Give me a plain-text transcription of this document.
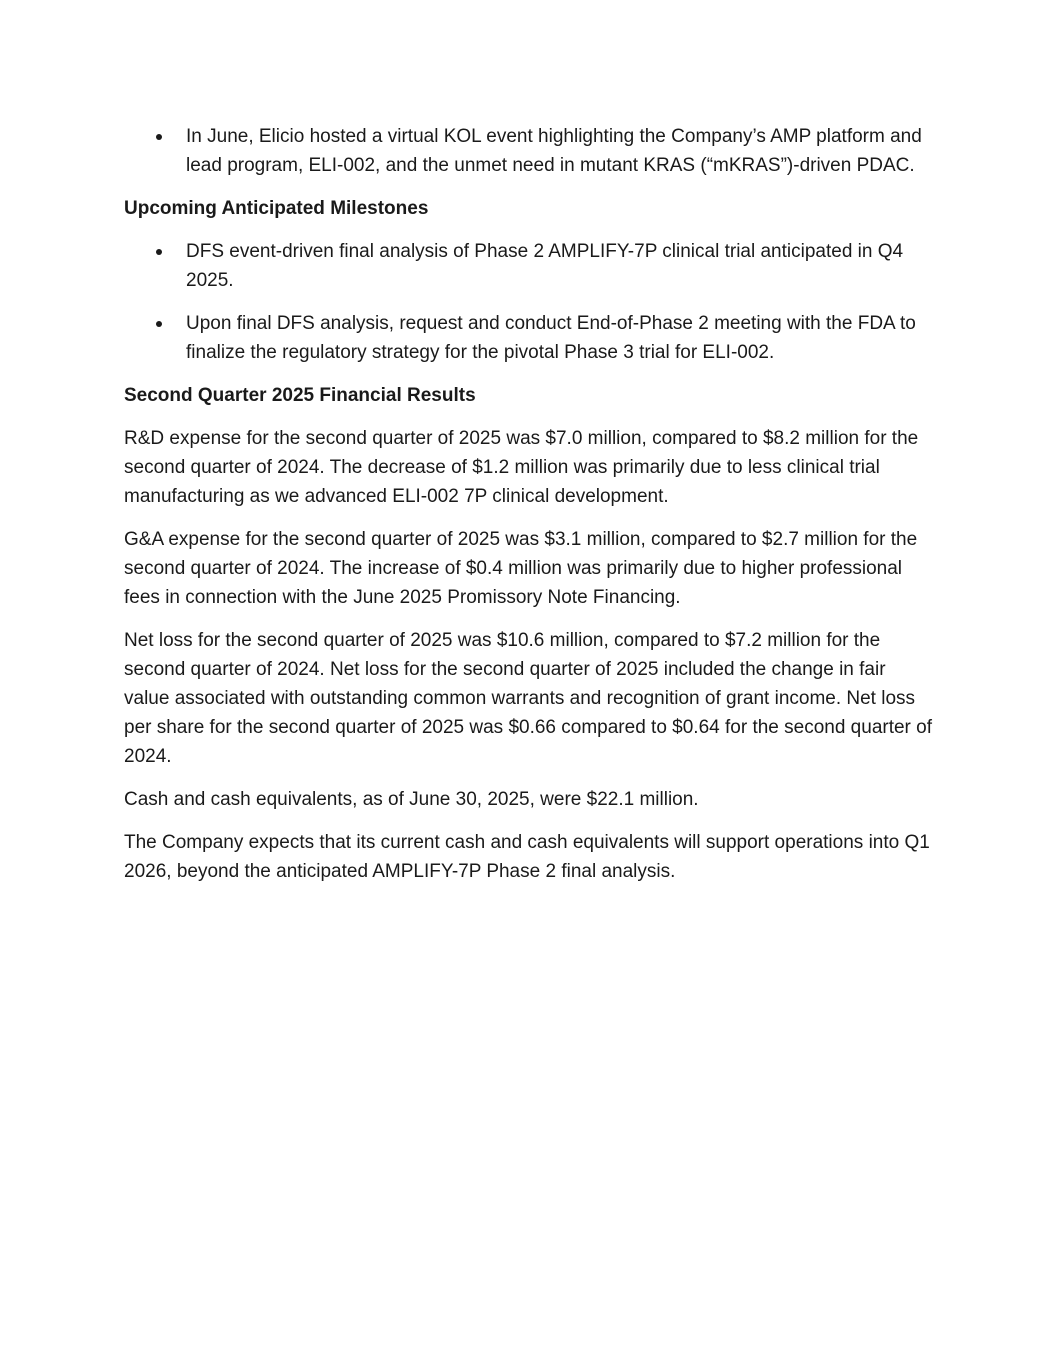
In June, Elicio hosted a virtual KOL event highlighting the Company’s AMP platform and lead program, ELI-002, and the unmet need in mutant KRAS (“mKRAS”)-driven PDAC.
Upcoming Anticipated Milestones
DFS event-driven final analysis of Phase 2 AMPLIFY-7P clinical trial anticipated in Q4 2025.
Upon final DFS analysis, request and conduct End-of-Phase 2 meeting with the FDA to finalize the regulatory strategy for the pivotal Phase 3 trial for ELI-002.
Second Quarter 2025 Financial Results

R&D expense for the second quarter of 2025 was $7.0 million, compared to $8.2 million for the second quarter of 2024. The decrease of $1.2 million was primarily due to less clinical trial manufacturing as we advanced ELI-002 7P clinical development.

G&A expense for the second quarter of 2025 was $3.1 million, compared to $2.7 million for the second quarter of 2024. The increase of $0.4 million was primarily due to higher professional fees in connection with the June 2025 Promissory Note Financing.

Net loss for the second quarter of 2025 was $10.6 million, compared to $7.2 million for the second quarter of 2024. Net loss for the second quarter of 2025 included the change in fair value associated with outstanding common warrants and recognition of grant income. Net loss per share for the second quarter of 2025 was $0.66 compared to $0.64 for the second quarter of 2024.

Cash and cash equivalents, as of June 30, 2025, were $22.1 million.

The Company expects that its current cash and cash equivalents will support operations into Q1 2026, beyond the anticipated AMPLIFY-7P Phase 2 final analysis.
